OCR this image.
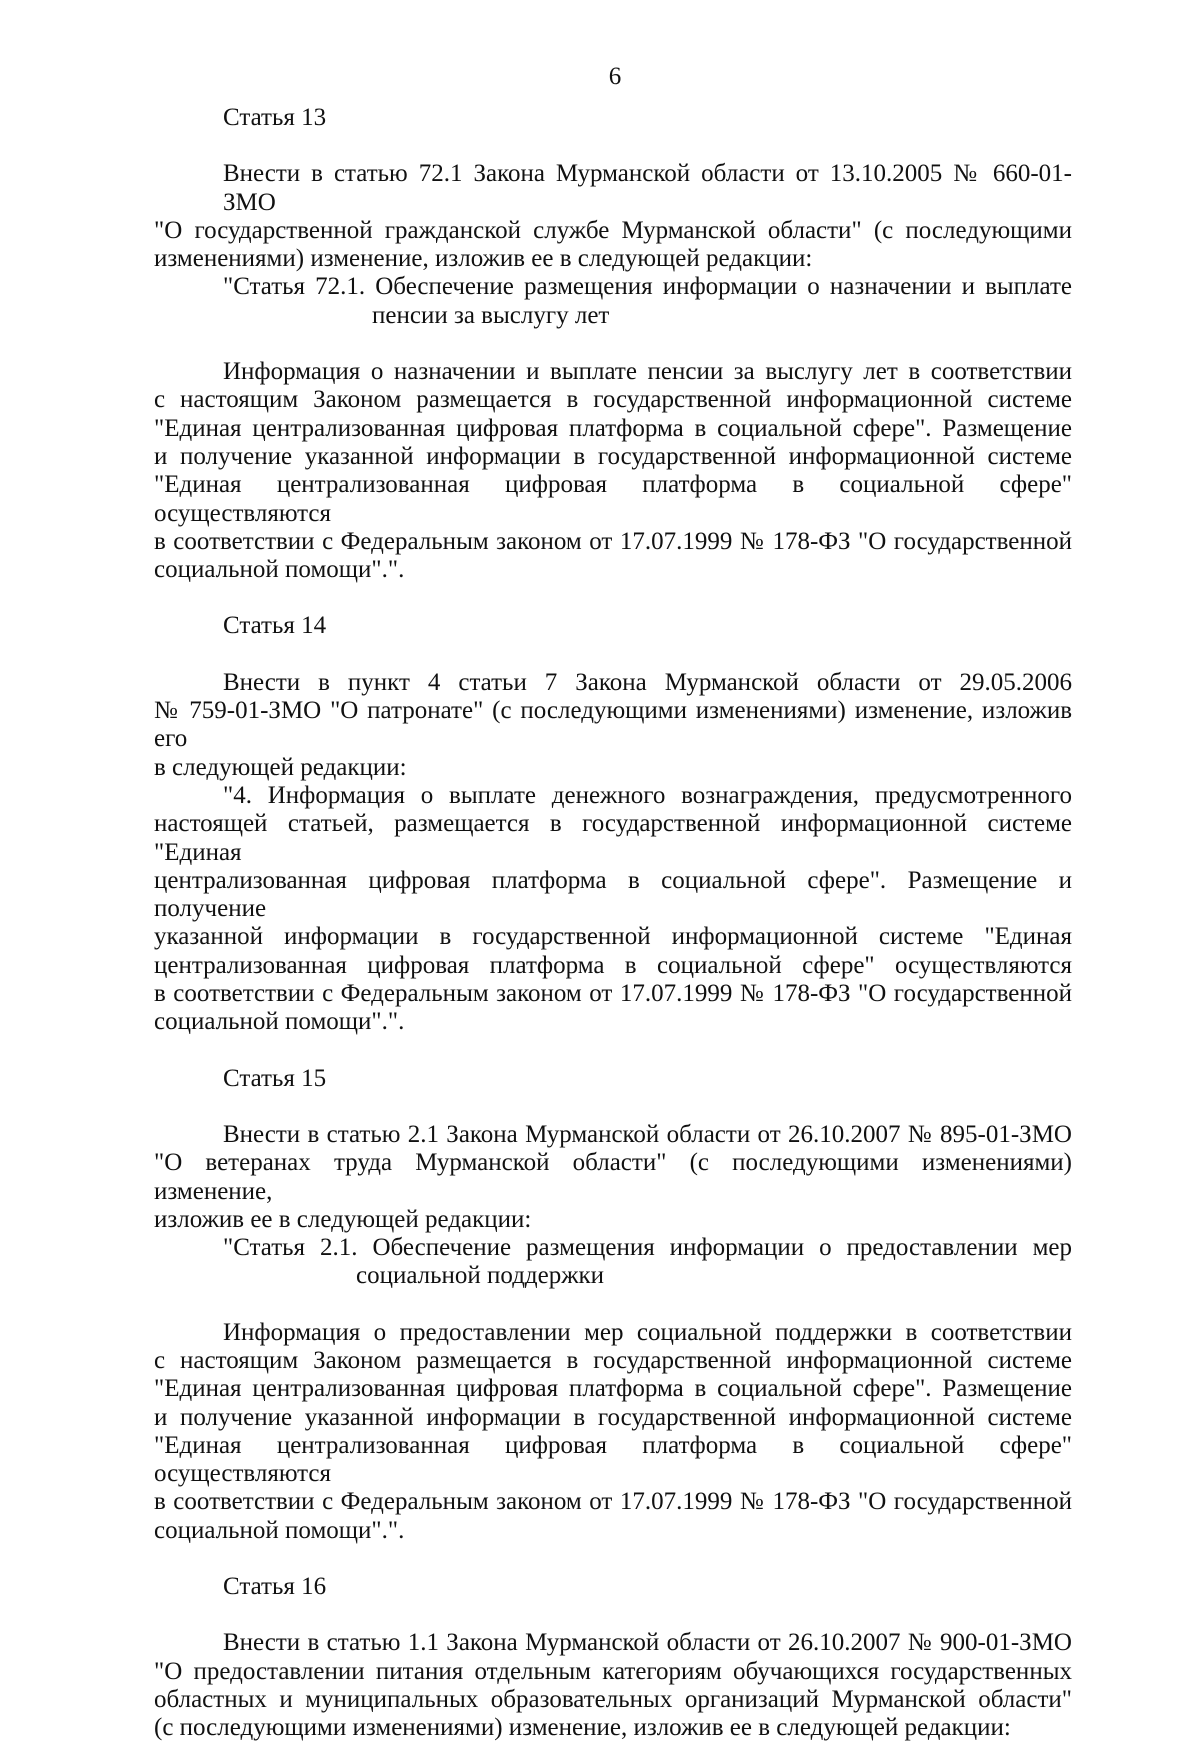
6

Статья 13

Внести в статью 72.1 Закона Мурманской области от 13.10.2005 № 660-01-ЗМО
"О государственной гражданской службе Мурманской области" (с последующими
изменениями) изменение, изложив ее в следующей редакции:
"Статья 72.1. Обеспечение размещения информации о назначении и выплате
пенсии за выслугу лет
Информация о назначении и выплате пенсии за выслугу лет в соответствии
с настоящим Законом размещается в государственной информационной системе
"Единая централизованная цифровая платформа в социальной сфере". Размещение
и получение указанной информации в государственной информационной системе
"Единая централизованная цифровая платформа в социальной сфере" осуществляются
в соответствии с Федеральным законом от 17.07.1999 № 178-ФЗ "О государственной
социальной помощи".".

Статья 14

Внести в пункт 4 статьи 7 Закона Мурманской области от 29.05.2006
№ 759-01-ЗМО "О патронате" (с последующими изменениями) изменение, изложив его
в следующей редакции:
"4. Информация о выплате денежного вознаграждения, предусмотренного
настоящей статьей, размещается в государственной информационной системе "Единая
централизованная цифровая платформа в социальной сфере". Размещение и получение
указанной информации в государственной информационной системе "Единая
централизованная цифровая платформа в социальной сфере" осуществляются
в соответствии с Федеральным законом от 17.07.1999 № 178-ФЗ "О государственной
социальной помощи".".

Статья 15

Внести в статью 2.1 Закона Мурманской области от 26.10.2007 № 895-01-ЗМО
"О ветеранах труда Мурманской области" (с последующими изменениями) изменение,
изложив ее в следующей редакции:
"Статья 2.1. Обеспечение размещения информации о предоставлении мер
социальной поддержки
Информация о предоставлении мер социальной поддержки в соответствии
с настоящим Законом размещается в государственной информационной системе
"Единая централизованная цифровая платформа в социальной сфере". Размещение
и получение указанной информации в государственной информационной системе
"Единая централизованная цифровая платформа в социальной сфере" осуществляются
в соответствии с Федеральным законом от 17.07.1999 № 178-ФЗ "О государственной
социальной помощи".".

Статья 16

Внести в статью 1.1 Закона Мурманской области от 26.10.2007 № 900-01-ЗМО
"О предоставлении питания отдельным категориям обучающихся государственных
областных и муниципальных образовательных организаций Мурманской области"
(с последующими изменениями) изменение, изложив ее в следующей редакции:
